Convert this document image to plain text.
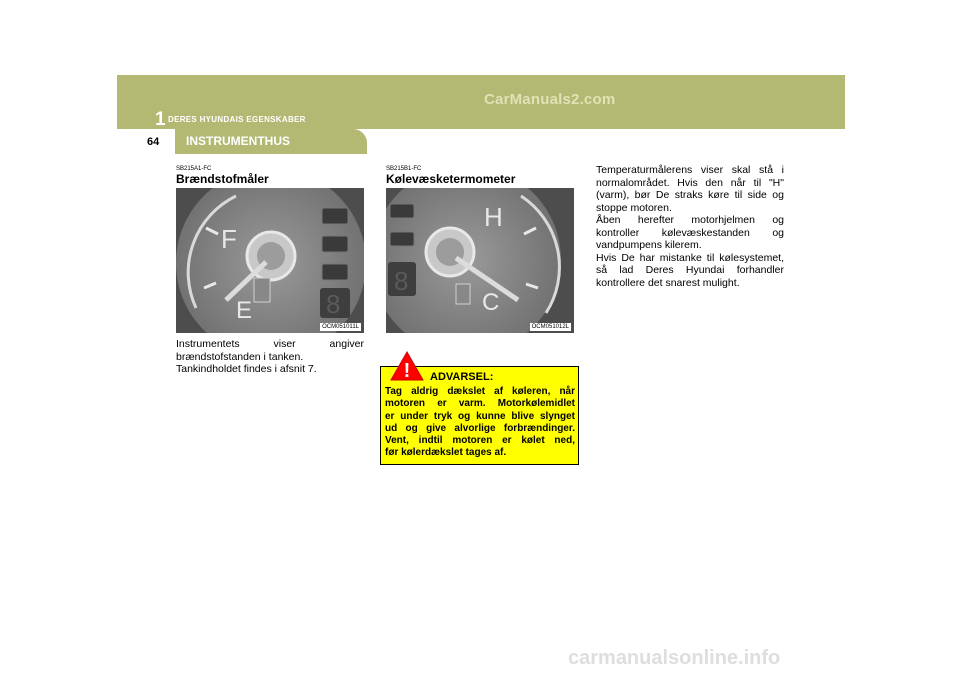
CarManuals2.com
1 DERES HYUNDAIS EGENSKABER
64 INSTRUMENTHUS
SB215A1-FC
Brændstofmåler
F
E	8
OCM051011L

Instrumentets viser angiver

brændstofstanden i tanken.

Tankindholdet findes i afsnit 7.

SB215B1-FC
Kølevæsketermometer
H
C
8
OCM051012L
! ADVARSEL:

Tag aldrig dækslet af køleren, når

motoren er varm. Motorkølemidlet

er under tryk og kunne blive slynget

ud og give alvorlige forbrændinger.

Vent, indtil motoren er kølet ned,

før kølerdækslet tages af.

Temperaturmålerens viser skal stå i

normalområdet. Hvis den når til "H"

(varm), bør De straks køre til side og

stoppe motoren.

Åben herefter motorhjelmen og

kontroller kølevæskestanden og

vandpumpens kilerem.

Hvis De har mistanke til kølesystemet,

så lad Deres Hyundai forhandler

kontrollere det snarest mulight.

carmanualsonline.info
